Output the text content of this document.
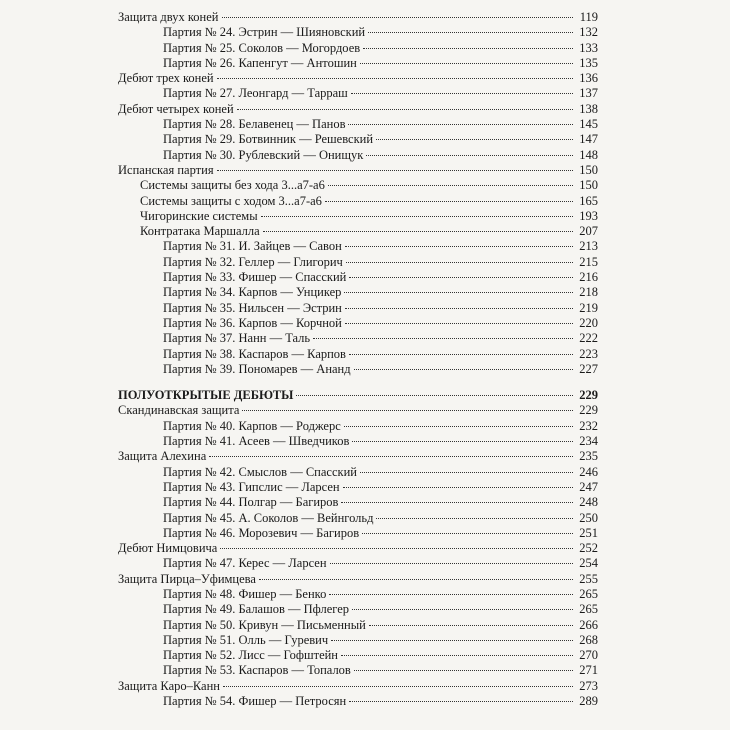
Защита двух коней	119
Партия № 24. Эстрин — Шияновский	132
Партия № 25. Соколов — Могордоев	133
Партия № 26. Капенгут — Антошин	135
Дебют трех коней	136
Партия № 27. Леонгард — Тарраш	137
Дебют четырех коней	138
Партия № 28. Белавенец — Панов	145
Партия № 29. Ботвинник — Решевский	147
Партия № 30. Рублевский — Онищук	148
Испанская партия	150
Системы защиты без хода 3...a7-a6	150
Системы защиты с ходом 3...a7-a6	165
Чигоринские системы	193
Контратака Маршалла	207
Партия № 31. И. Зайцев — Савон	213
Партия № 32. Геллер — Глигорич	215
Партия № 33. Фишер — Спасский	216
Партия № 34. Карпов — Унцикер	218
Партия № 35. Нильсен — Эстрин	219
Партия № 36. Карпов — Корчной	220
Партия № 37. Нанн — Таль	222
Партия № 38. Каспаров — Карпов	223
Партия № 39. Пономарев — Ананд	227
ПОЛУОТКРЫТЫЕ ДЕБЮТЫ	229
Скандинавская защита	229
Партия № 40. Карпов — Роджерс	232
Партия № 41. Асеев — Шведчиков	234
Защита Алехина	235
Партия № 42. Смыслов — Спасский	246
Партия № 43. Гипслис — Ларсен	247
Партия № 44. Полгар — Багиров	248
Партия № 45. А. Соколов — Вейнгольд	250
Партия № 46. Морозевич — Багиров	251
Дебют Нимцовича	252
Партия № 47. Керес — Ларсен	254
Защита Пирца–Уфимцева	255
Партия № 48. Фишер — Бенко	265
Партия № 49. Балашов — Пфлегер	265
Партия № 50. Кривун — Письменный	266
Партия № 51. Олль — Гуревич	268
Партия № 52. Лисс — Гофштейн	270
Партия № 53. Каспаров — Топалов	271
Защита Каро–Канн	273
Партия № 54. Фишер — Петросян	289
